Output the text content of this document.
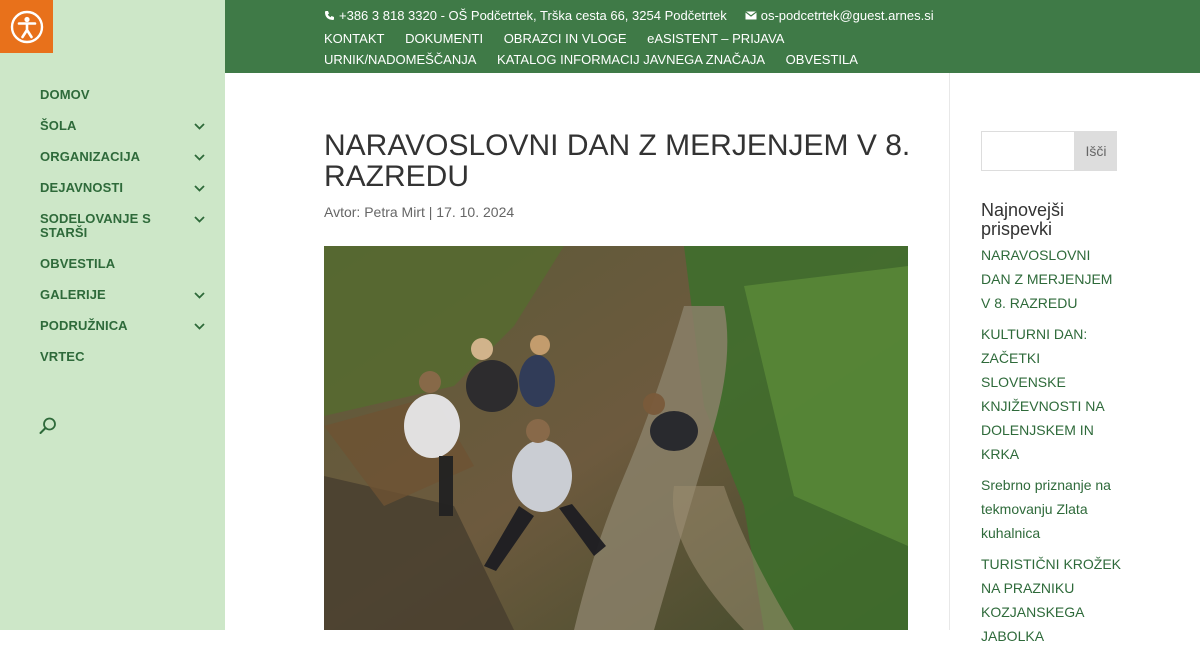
DOMOV
ŠOLA
ORGANIZACIJA
DEJAVNOSTI
SODELOVANJE S STARŠI
OBVESTILA
GALERIJE
PODRUŽNICA
VRTEC
+386 3 818 3320 - OŠ Podčetrtek, Trška cesta 66, 3254 Podčetrtek	os-podcetrtek@guest.arnes.si
KONTAKT DOKUMENTI OBRAZCI IN VLOGE eASISTENT – PRIJAVA URNIK/NADOMEŠČANJA KATALOG INFORMACIJ JAVNEGA ZNAČAJA OBVESTILA
NARAVOSLOVNI DAN Z MERJENJEM V 8. RAZREDU
Avtor: Petra Mirt | 17. 10. 2024
Išči
Najnovejši prispevki
NARAVOSLOVNI DAN Z MERJENJEM V 8. RAZREDU
KULTURNI DAN: ZAČETKI SLOVENSKE KNJIŽEVNOSTI NA DOLENJSKEM IN KRKA
Srebrno priznanje na tekmovanju Zlata kuhalnica
TURISTIČNI KROŽEK NA PRAZNIKU KOZJANSKEGA JABOLKA
